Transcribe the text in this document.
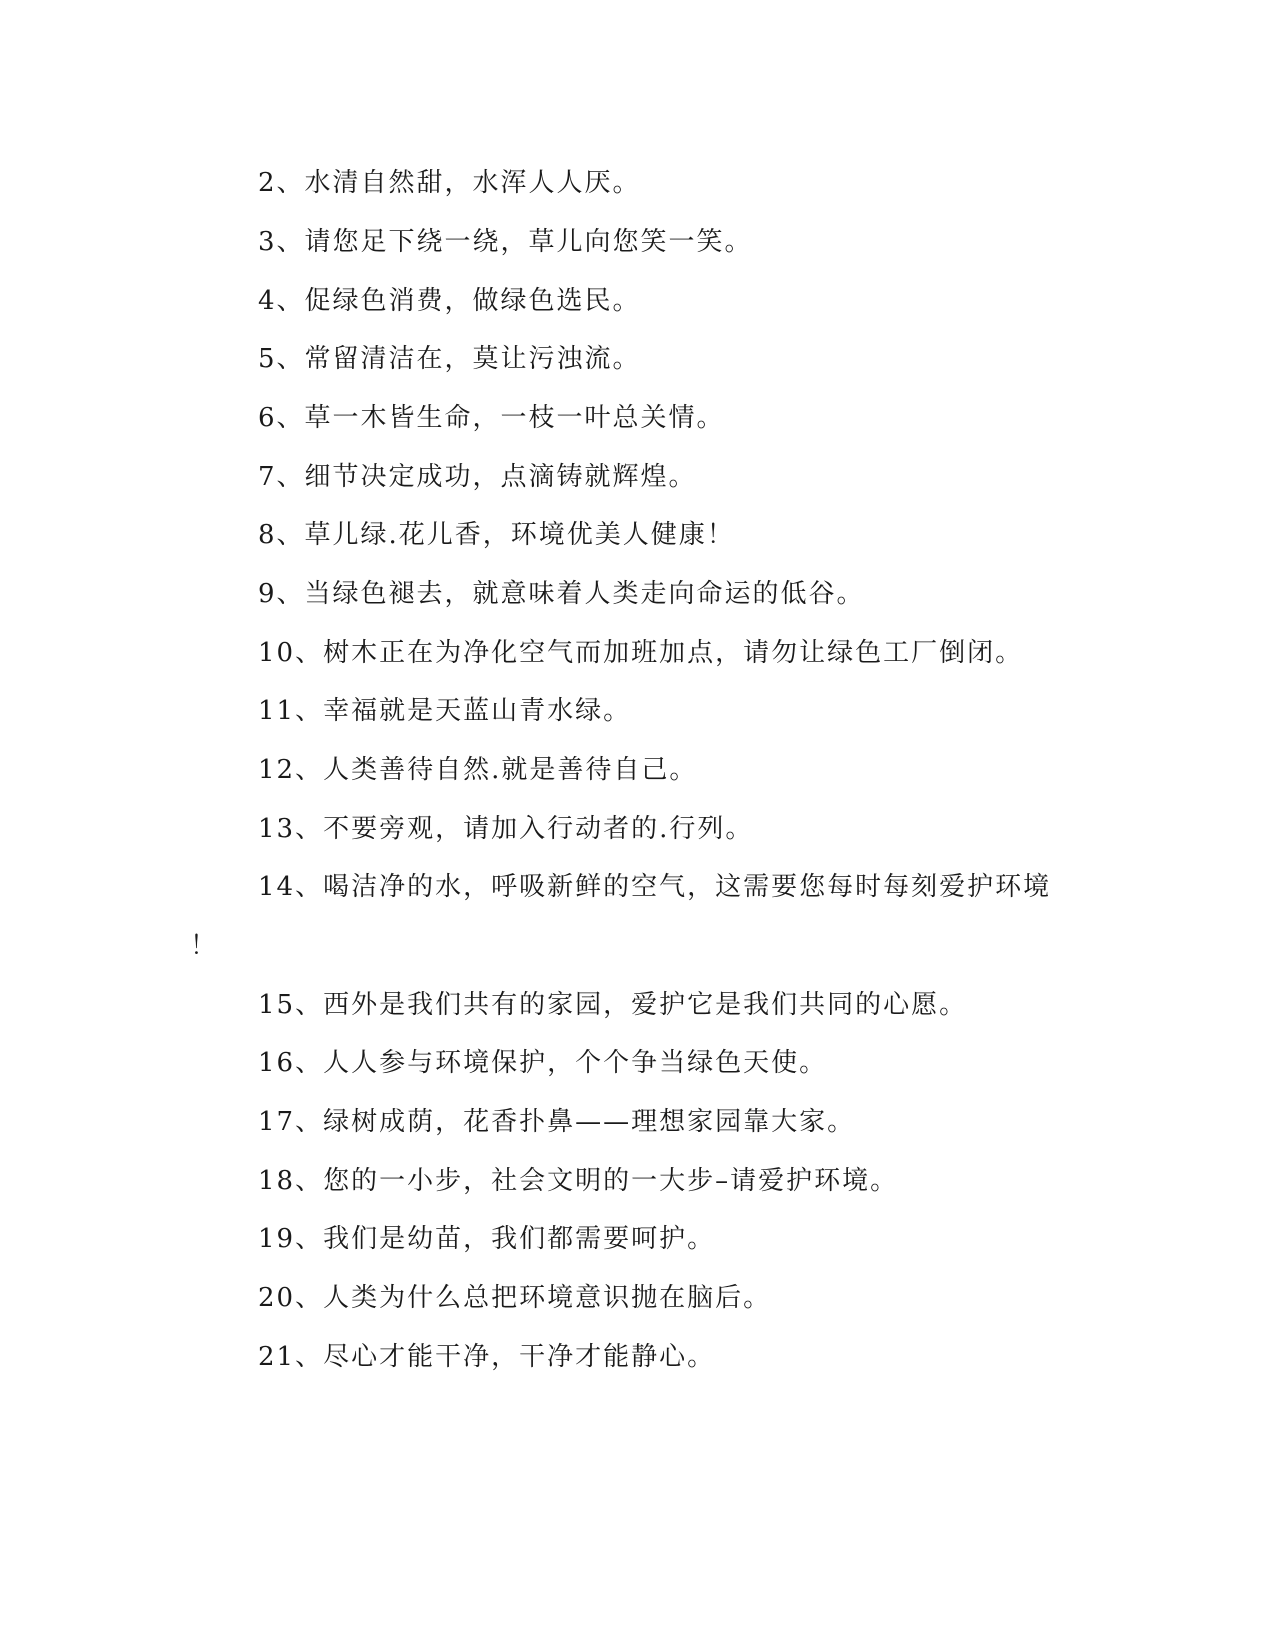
2、水清自然甜，水浑人人厌。
3、请您足下绕一绕，草儿向您笑一笑。
4、促绿色消费，做绿色选民。
5、常留清洁在，莫让污浊流。
6、草一木皆生命，一枝一叶总关情。
7、细节决定成功，点滴铸就辉煌。
8、草儿绿.花儿香，环境优美人健康！
9、当绿色褪去，就意味着人类走向命运的低谷。
10、树木正在为净化空气而加班加点，请勿让绿色工厂倒闭。
11、幸福就是天蓝山青水绿。
12、人类善待自然.就是善待自己。
13、不要旁观，请加入行动者的.行列。
14、喝洁净的水，呼吸新鲜的空气，这需要您每时每刻爱护环境
！
15、西外是我们共有的家园，爱护它是我们共同的心愿。
16、人人参与环境保护，个个争当绿色天使。
17、绿树成荫，花香扑鼻——理想家园靠大家。
18、您的一小步，社会文明的一大步–请爱护环境。
19、我们是幼苗，我们都需要呵护。
20、人类为什么总把环境意识抛在脑后。
21、尽心才能干净，干净才能静心。
